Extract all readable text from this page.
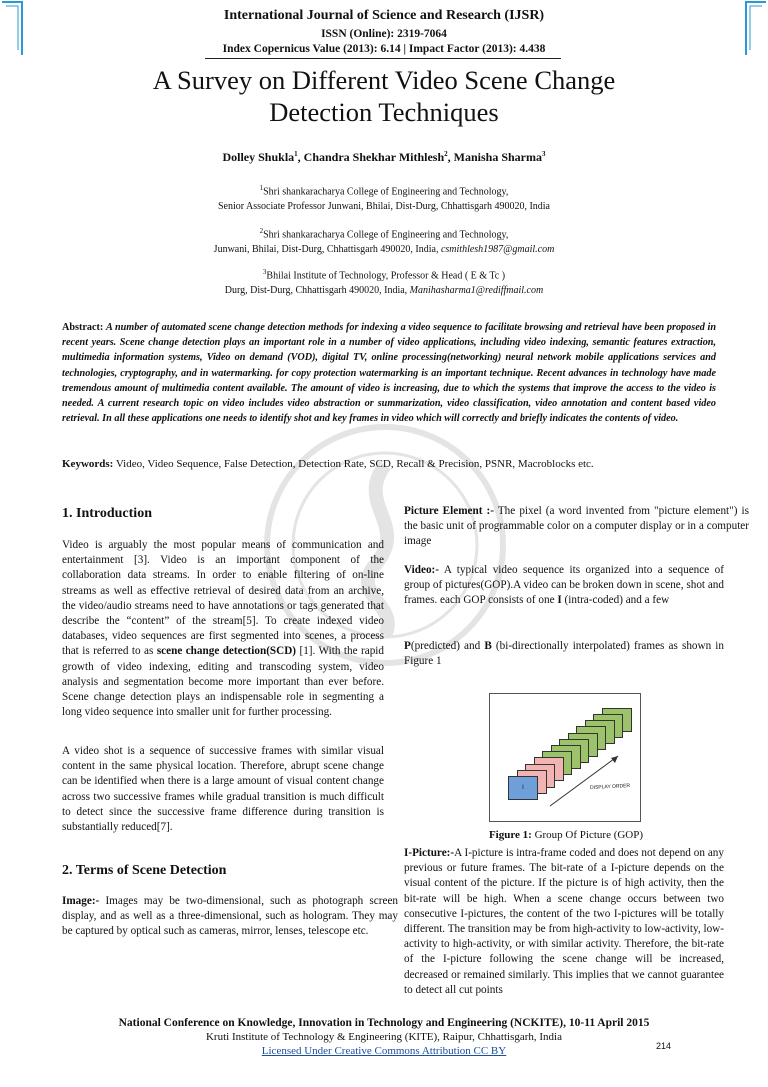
International Journal of Science and Research (IJSR)
ISSN (Online): 2319-7064
Index Copernicus Value (2013): 6.14 | Impact Factor (2013): 4.438
A Survey on Different Video Scene Change
Detection Techniques
Dolley Shukla$^1$, Chandra Shekhar Mithlesh$^2$, Manisha Sharma$^3$
$^1$Shri shankaracharya College of Engineering and Technology,
Senior Associate Professor Junwani, Bhilai, Dist-Durg, Chhattisgarh 490020, India
$^2$Shri shankaracharya College of Engineering and Technology,
Junwani, Bhilai, Dist-Durg, Chhattisgarh 490020, India, csmithlesh1987@gmail.com
$^3$Bhilai Institute of Technology, Professor & Head ( E & Tc )
Durg, Dist-Durg, Chhattisgarh 490020, India, Manihasharma1@rediffmail.com
Abstract: A number of automated scene change detection methods for indexing a video sequence to facilitate browsing and retrieval have been proposed in recent years. Scene change detection plays an important role in a number of video applications, including video indexing, semantic features extraction, multimedia information systems, Video on demand (VOD), digital TV, online processing(networking) neural network mobile applications services and technologies, cryptography, and in watermarking. for copy protection watermarking is an important technique. Recent advances in technology have made tremendous amount of multimedia content available. The amount of video is increasing, due to which the systems that improve the access to the video is needed. A current research topic on video includes video abstraction or summarization, video classification, video annotation and content based video retrieval. In all these applications one needs to identify shot and key frames in video which will correctly and briefly indicates the contents of video.
Keywords: Video, Video Sequence, False Detection, Detection Rate, SCD, Recall & Precision, PSNR, Macroblocks etc.
1. Introduction
Video is arguably the most popular means of communication and entertainment [3]. Video is an important component of the collaboration data streams. In order to enable filtering of on-line streams as well as effective retrieval of desired data from an archive, the video/audio streams need to have annotations or tags generated that describe the “content” of the stream[5]. To create indexed video databases, video sequences are first segmented into scenes, a process that is referred to as scene change detection(SCD) [1]. With the rapid growth of video indexing, editing and transcoding system, video analysis and segmentation become more important than ever before. Scene change detection plays an indispensable role in segmenting a long video sequence into smaller unit for further processing.
A video shot is a sequence of successive frames with similar visual content in the same physical location. Therefore, abrupt scene change can be identified when there is a large amount of visual content change across two successive frames while gradual transition is much difficult to detect since the successive frame difference during transition is substantially reduced[7].
2. Terms of Scene Detection
Image:- Images may be two-dimensional, such as photograph screen display, and as well as a three-dimensional, such as hologram. They may be captured by optical such as cameras, mirror, lenses, telescope etc.
Picture Element :- The pixel (a word invented from "picture element") is the basic unit of programmable color on a computer display or in a computer image
Video:- A typical video sequence its organized into a sequence of group of pictures(GOP).A video can be broken down in scene, shot and frames. each GOP consists of one I (intra-coded) and a few
P(predicted) and B (bi-directionally interpolated) frames as shown in Figure 1
I	DISPLAY ORDER
Figure 1: Group Of Picture (GOP)
I-Picture:-A I-picture is intra-frame coded and does not depend on any previous or future frames. The bit-rate of a I-picture depends on the visual content of the picture. If the picture is of high activity, then the bit-rate will be high. When a scene change occurs between two consecutive I-pictures, the content of the two I-pictures will be totally different. The transition may be from high-activity to low-activity, low-activity to high-activity, or with similar activity. Therefore, the bit-rate of the I-picture following the scene change will be increased, decreased or remained similarly. This implies that we cannot guarantee to detect all cut points
National Conference on Knowledge, Innovation in Technology and Engineering (NCKITE), 10-11 April 2015
Kruti Institute of Technology & Engineering (KITE), Raipur, Chhattisgarh, India
Licensed Under Creative Commons Attribution CC BY	214
